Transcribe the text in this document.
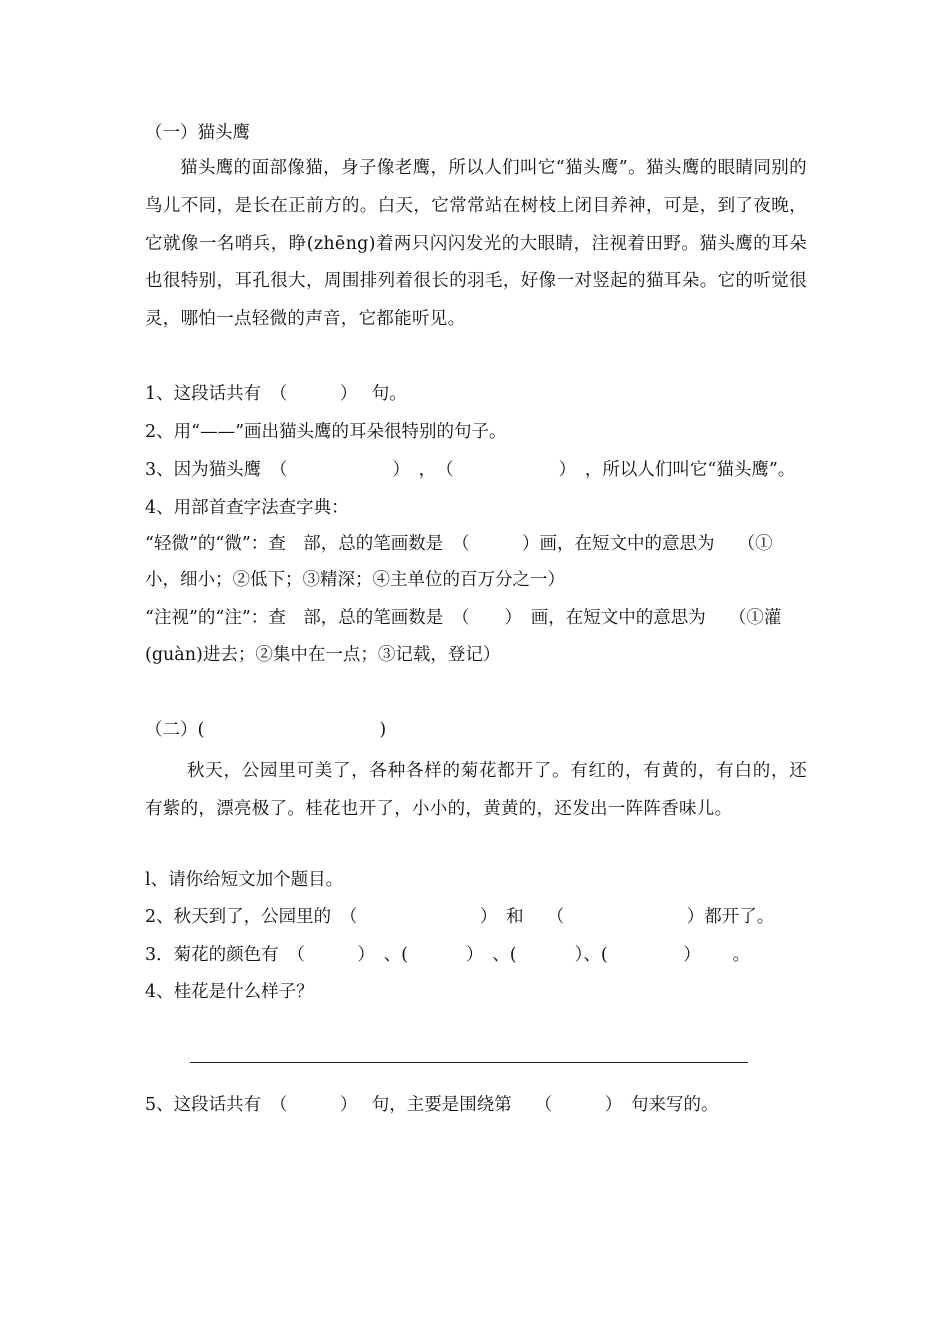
（一）猫头鹰

猫头鹰的面部像猫，身子像老鹰，所以人们叫它“猫头鹰”。猫头鹰的眼睛同别的鸟儿不同，是长在正前方的。白天，它常常站在树枝上闭目养神，可是，到了夜晚，它就像一名哨兵，睁(zhēng)着两只闪闪发光的大眼睛，注视着田野。猫头鹰的耳朵也很特别，耳孔很大，周围排列着很长的羽毛，好像一对竖起的猫耳朵。它的听觉很灵，哪怕一点轻微的声音，它都能听见。

1、这段话共有　（　　　）　 句。

2、用“——”画出猫头鹰的耳朵很特别的句子。

3、因为猫头鹰　（　　　　　　）　，　（　　　　　　）　，所以人们叫它“猫头鹰”。

4、用部首查字法查字典：

“轻微”的“微”：查　部，总的笔画数是　（　　　）画，在短文中的意思为　 （①

小，细小；②低下；③精深；④主单位的百万分之一）

“注视”的“注”：查　部，总的笔画数是　（　　）　画，在短文中的意思为　 （①灌

(guàn)进去；②集中在一点；③记载，登记）

（二）(　　　　　　　　　　)

秋天，公园里可美了，各种各样的菊花都开了。有红的，有黄的，有白的，还有紫的，漂亮极了。桂花也开了，小小的，黄黄的，还发出一阵阵香味儿。

l、请你给短文加个题目。

2、秋天到了，公园里的　（　　　　　　　）　和　 （　　　　　　　）都开了。

3．菊花的颜色有　（　　　）　、(　　　 ）　、(　　　 ）、(　　　　 ）　　 。

4、桂花是什么样子？

5、这段话共有　（　　　）　 句，主要是围绕第　 （　　　）　句来写的。
